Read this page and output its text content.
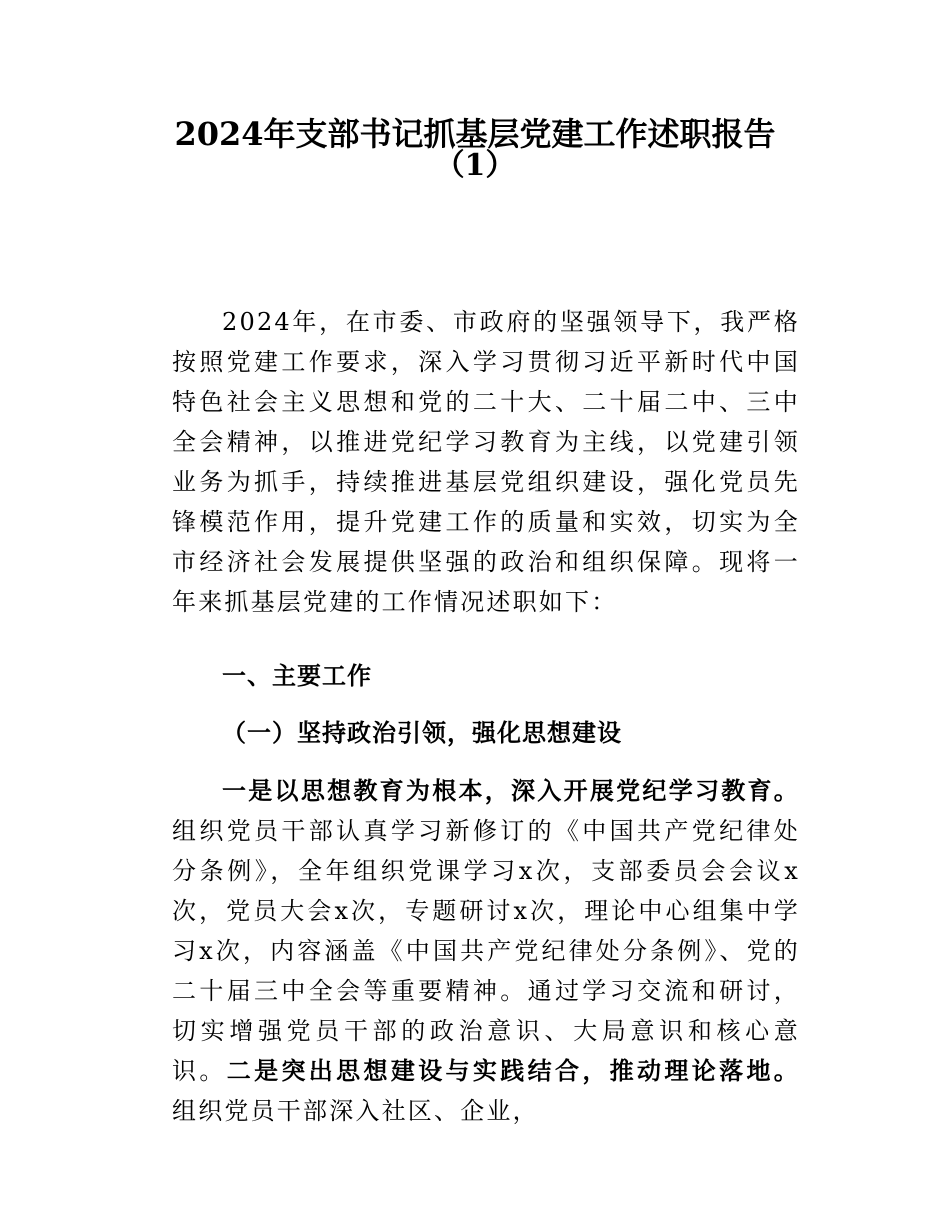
2024年支部书记抓基层党建工作述职报告
（1）

2024年，在市委、市政府的坚强领导下，我严格按照党建工作要求，深入学习贯彻习近平新时代中国特色社会主义思想和党的二十大、二十届二中、三中全会精神，以推进党纪学习教育为主线，以党建引领业务为抓手，持续推进基层党组织建设，强化党员先锋模范作用，提升党建工作的质量和实效，切实为全市经济社会发展提供坚强的政治和组织保障。现将一年来抓基层党建的工作情况述职如下：

一、主要工作
（一）坚持政治引领，强化思想建设

一是以思想教育为根本，深入开展党纪学习教育。组织党员干部认真学习新修订的《中国共产党纪律处分条例》，全年组织党课学习x次，支部委员会会议x次，党员大会x次，专题研讨x次，理论中心组集中学习x次，内容涵盖《中国共产党纪律处分条例》、党的二十届三中全会等重要精神。通过学习交流和研讨，切实增强党员干部的政治意识、大局意识和核心意识。二是突出思想建设与实践结合，推动理论落地。组织党员干部深入社区、企业，
